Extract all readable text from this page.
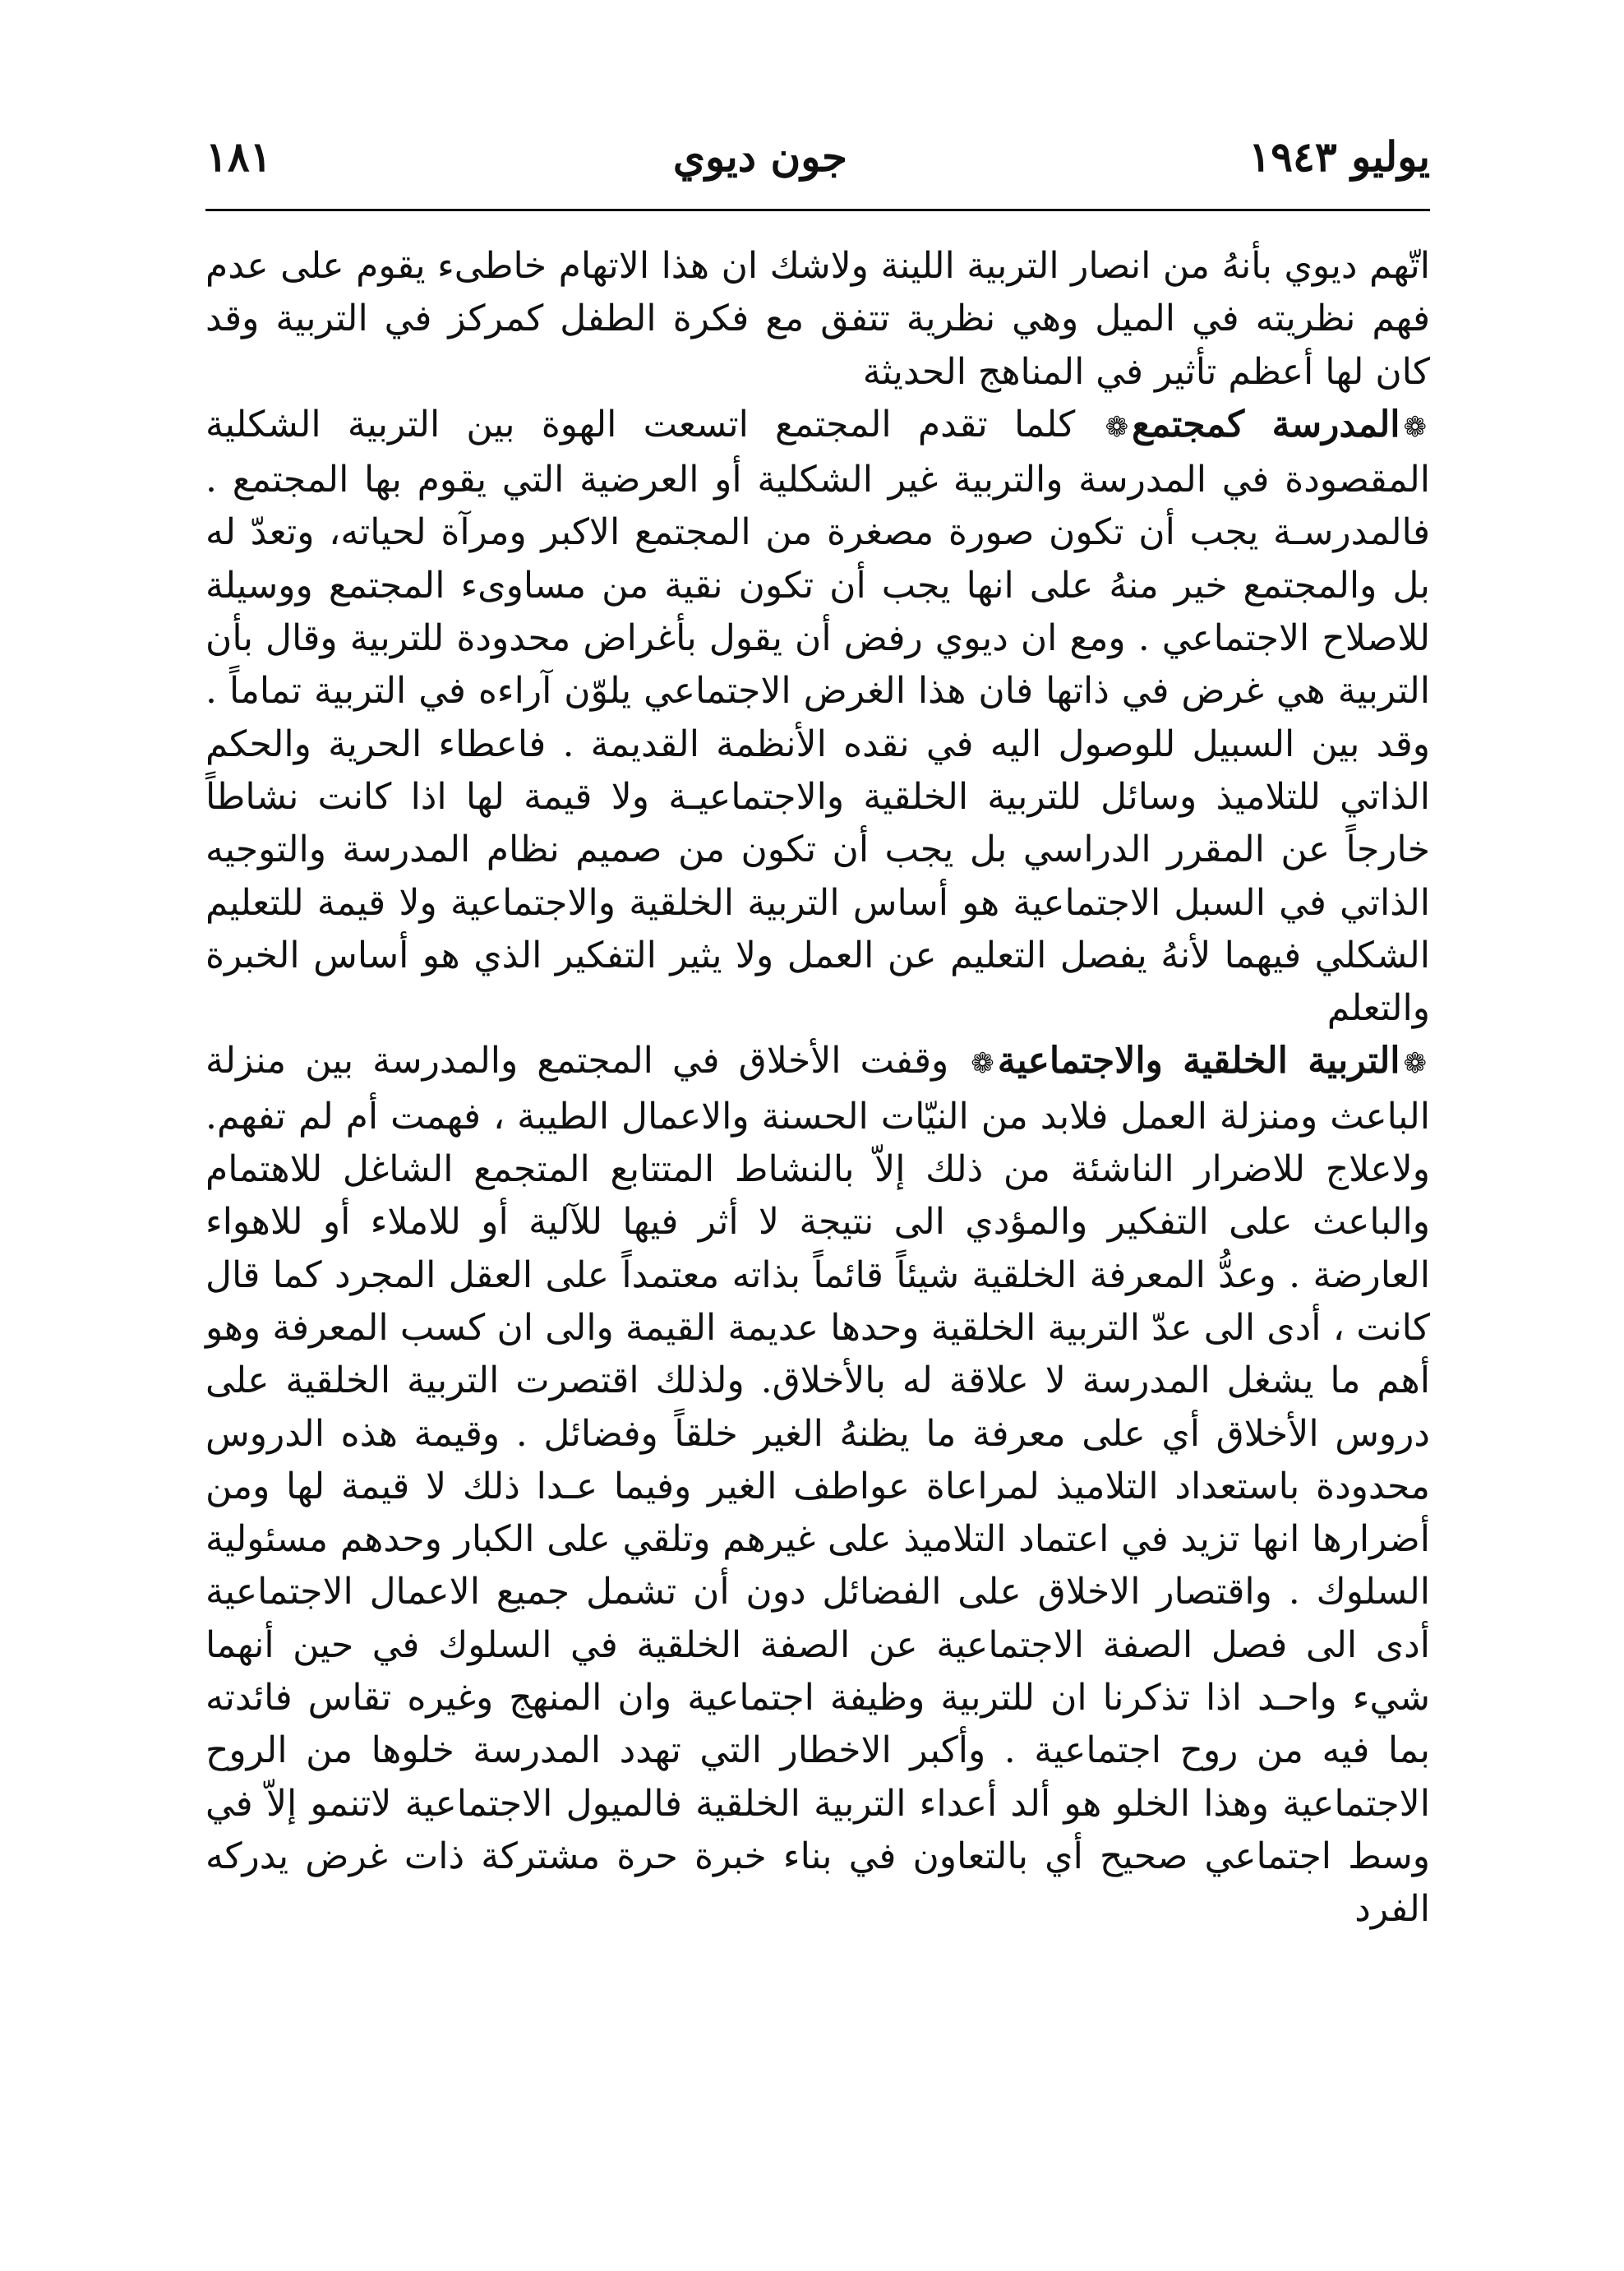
يوليو ١٩٤٣
جون ديوي
١٨١

اتّهم ديوي بأنهُ من انصار التربية اللينة ولاشك ان هذا الاتهام خاطىء يقوم على عدم فهم نظريته في الميل وهي نظرية تتفق مع فكرة الطفل كمركز في التربية وقد كان لها أعظم تأثير في المناهج الحديثة

❁المدرسة كمجتمع❁ كلما تقدم المجتمع اتسعت الهوة بين التربية الشكلية المقصودة في المدرسة والتربية غير الشكلية أو العرضية التي يقوم بها المجتمع . فالمدرسـة يجب أن تكون صورة مصغرة من المجتمع الاكبر ومرآة لحياته، وتعدّ له بل والمجتمع خير منهُ على انها يجب أن تكون نقية من مساوىء المجتمع ووسيلة للاصلاح الاجتماعي . ومع ان ديوي رفض أن يقول بأغراض محدودة للتربية وقال بأن التربية هي غرض في ذاتها فان هذا الغرض الاجتماعي يلوّن آراءه في التربية تماماً . وقد بين السبيل للوصول اليه في نقده الأنظمة القديمة . فاعطاء الحرية والحكم الذاتي للتلاميذ وسائل للتربية الخلقية والاجتماعيـة ولا قيمة لها اذا كانت نشاطاً خارجاً عن المقرر الدراسي بل يجب أن تكون من صميم نظام المدرسة والتوجيه الذاتي في السبل الاجتماعية هو أساس التربية الخلقية والاجتماعية ولا قيمة للتعليم الشكلي فيهما لأنهُ يفصل التعليم عن العمل ولا يثير التفكير الذي هو أساس الخبرة والتعلم

❁التربية الخلقية والاجتماعية❁ وقفت الأخلاق في المجتمع والمدرسة بين منزلة الباعث ومنزلة العمل فلابد من النيّات الحسنة والاعمال الطيبة ، فهمت أم لم تفهم. ولاعلاج للاضرار الناشئة من ذلك إلاّ بالنشاط المتتابع المتجمع الشاغل للاهتمام والباعث على التفكير والمؤدي الى نتيجة لا أثر فيها للآلية أو للاملاء أو للاهواء العارضة . وعدُّ المعرفة الخلقية شيئاً قائماً بذاته معتمداً على العقل المجرد كما قال كانت ، أدى الى عدّ التربية الخلقية وحدها عديمة القيمة والى ان كسب المعرفة وهو أهم ما يشغل المدرسة لا علاقة له بالأخلاق. ولذلك اقتصرت التربية الخلقية على دروس الأخلاق أي على معرفة ما يظنهُ الغير خلقاً وفضائل . وقيمة هذه الدروس محدودة باستعداد التلاميذ لمراعاة عواطف الغير وفيما عـدا ذلك لا قيمة لها ومن أضرارها انها تزيد في اعتماد التلاميذ على غيرهم وتلقي على الكبار وحدهم مسئولية السلوك . واقتصار الاخلاق على الفضائل دون أن تشمل جميع الاعمال الاجتماعية أدى الى فصل الصفة الاجتماعية عن الصفة الخلقية في السلوك في حين أنهما شيء واحـد اذا تذكرنا ان للتربية وظيفة اجتماعية وان المنهج وغيره تقاس فائدته بما فيه من روح اجتماعية . وأكبر الاخطار التي تهدد المدرسة خلوها من الروح الاجتماعية وهذا الخلو هو ألد أعداء التربية الخلقية فالميول الاجتماعية لاتنمو إلاّ في وسط اجتماعي صحيح أي بالتعاون في بناء خبرة حرة مشتركة ذات غرض يدركه الفرد
